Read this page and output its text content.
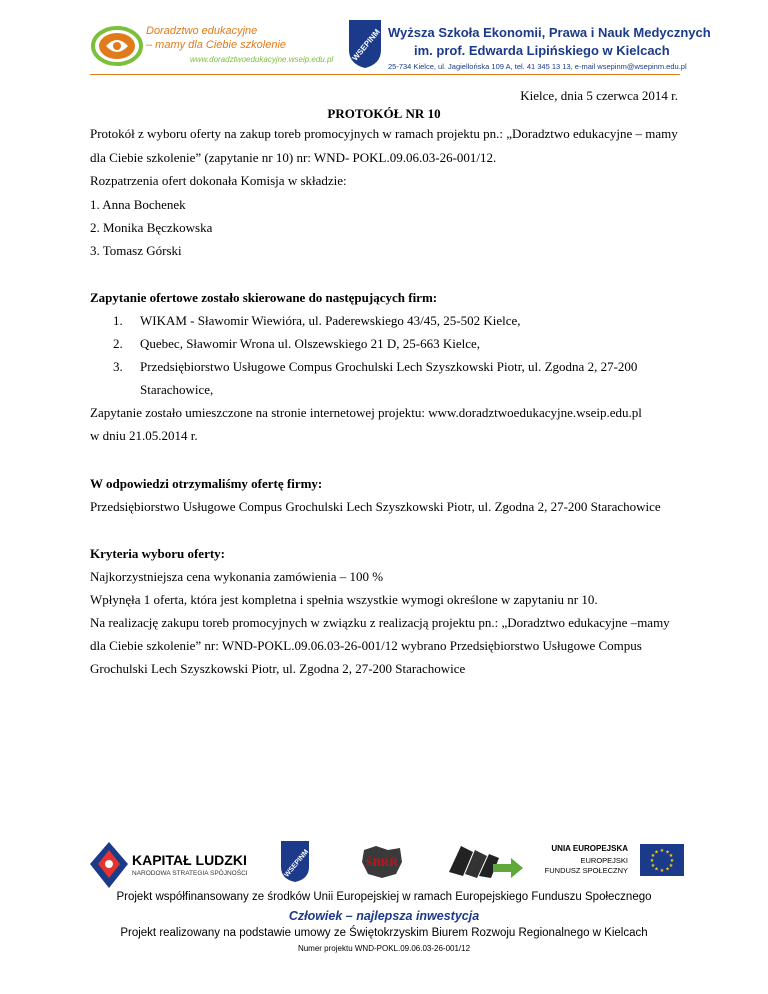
Doradztwo edukacyjne
– mamy dla Ciebie szkolenie
www.doradztwoedukacyjne.wseip.edu.pl WSEPINM Wyższa Szkoła Ekonomii, Prawa i Nauk Medycznych
im. prof. Edwarda Lipińskiego w Kielcach
25-734 Kielce, ul. Jagiellońska 109 A, tel. 41 345 13 13, e-mail wsepinm@wsepinm.edu.pl
Kielce, dnia 5 czerwca 2014 r.
PROTOKÓŁ NR 10
Protokół z wyboru oferty na zakup toreb promocyjnych w ramach projektu pn.: „Doradztwo edukacyjne – mamy
dla Ciebie szkolenie” (zapytanie nr 10) nr: WND- POKL.09.06.03-26-001/12.
Rozpatrzenia ofert dokonała Komisja w składzie:
1. Anna Bochenek
2. Monika Bęczkowska
3. Tomasz Górski
Zapytanie ofertowe zostało skierowane do następujących firm:
1. WIKAM - Sławomir Wiewióra, ul. Paderewskiego 43/45, 25-502 Kielce,
2. Quebec, Sławomir Wrona ul. Olszewskiego 21 D, 25-663 Kielce,
3. Przedsiębiorstwo Usługowe Compus Grochulski Lech Szyszkowski Piotr, ul. Zgodna 2, 27-200
Starachowice,
Zapytanie zostało umieszczone na stronie internetowej projektu: www.doradztwoedukacyjne.wseip.edu.pl
w dniu 21.05.2014 r.
W odpowiedzi otrzymaliśmy ofertę firmy:
Przedsiębiorstwo Usługowe Compus Grochulski Lech Szyszkowski Piotr, ul. Zgodna 2, 27-200 Starachowice
Kryteria wyboru oferty:
Najkorzystniejsza cena wykonania zamówienia – 100 %
Wpłynęła 1 oferta, która jest kompletna i spełnia wszystkie wymogi określone w zapytaniu nr 10.
Na realizację zakupu toreb promocyjnych w związku z realizacją projektu pn.: „Doradztwo edukacyjne –mamy
dla Ciebie szkolenie” nr: WND-POKL.09.06.03-26-001/12 wybrano Przedsiębiorstwo Usługowe Compus
Grochulski Lech Szyszkowski Piotr, ul. Zgodna 2, 27-200 Starachowice
KAPITAŁ LUDZKI
NARODOWA STRATEGIA SPÓJNOŚCI	WSEPINM	ŚBRR
UNIA EUROPEJSKA
EUROPEJSKI
FUNDUSZ SPOŁECZNY
★ ★
★
★
★
★
★
★
★
★
★
★
Projekt współfinansowany ze środków Unii Europejskiej w ramach Europejskiego Funduszu Społecznego
Człowiek – najlepsza inwestycja
Projekt realizowany na podstawie umowy ze Świętokrzyskim Biurem Rozwoju Regionalnego w Kielcach
Numer projektu WND-POKL.09.06.03-26-001/12
